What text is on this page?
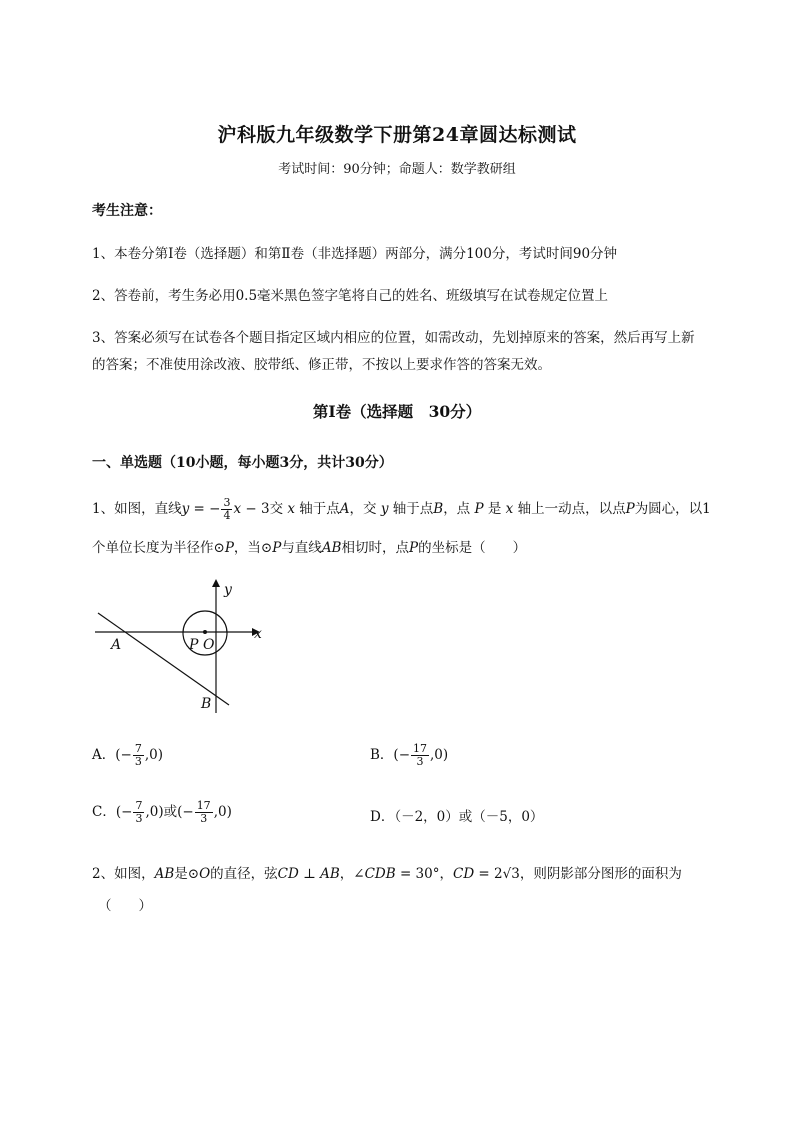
沪科版九年级数学下册第24章圆达标测试
考试时间：90分钟；命题人：数学教研组
考生注意：
1、本卷分第Ⅰ卷（选择题）和第Ⅱ卷（非选择题）两部分，满分100分，考试时间90分钟
2、答卷前，考生务必用0.5毫米黑色签字笔将自己的姓名、班级填写在试卷规定位置上
3、答案必须写在试卷各个题目指定区域内相应的位置，如需改动，先划掉原来的答案，然后再写上新
的答案；不准使用涂改液、胶带纸、修正带，不按以上要求作答的答案无效。
第Ⅰ卷（选择题　30分）
一、单选题（10小题，每小题3分，共计30分）
1、如图，直线y = − $\frac{3}{4}$ x − 3交 x 轴于点A，交 y 轴于点B，点 P 是 x 轴上一动点，以点P为圆心，以1
个单位长度为半径作⊙P，当⊙P与直线AB相切时，点P的坐标是（　　）
y
x
A	P O
B
A．(− $\frac{7}{3} ,0$)	B．(− $\frac{17}{3} ,0$)
C．(− $\frac{7}{3} ,0$)或(− $\frac{17}{3} ,0$)	D．（－2，0）或（－5，0）
2、如图，AB是⊙O的直径，弦CD ⊥ AB，∠CDB = 30°，CD = 2√3，则阴影部分图形的面积为
（　　）
